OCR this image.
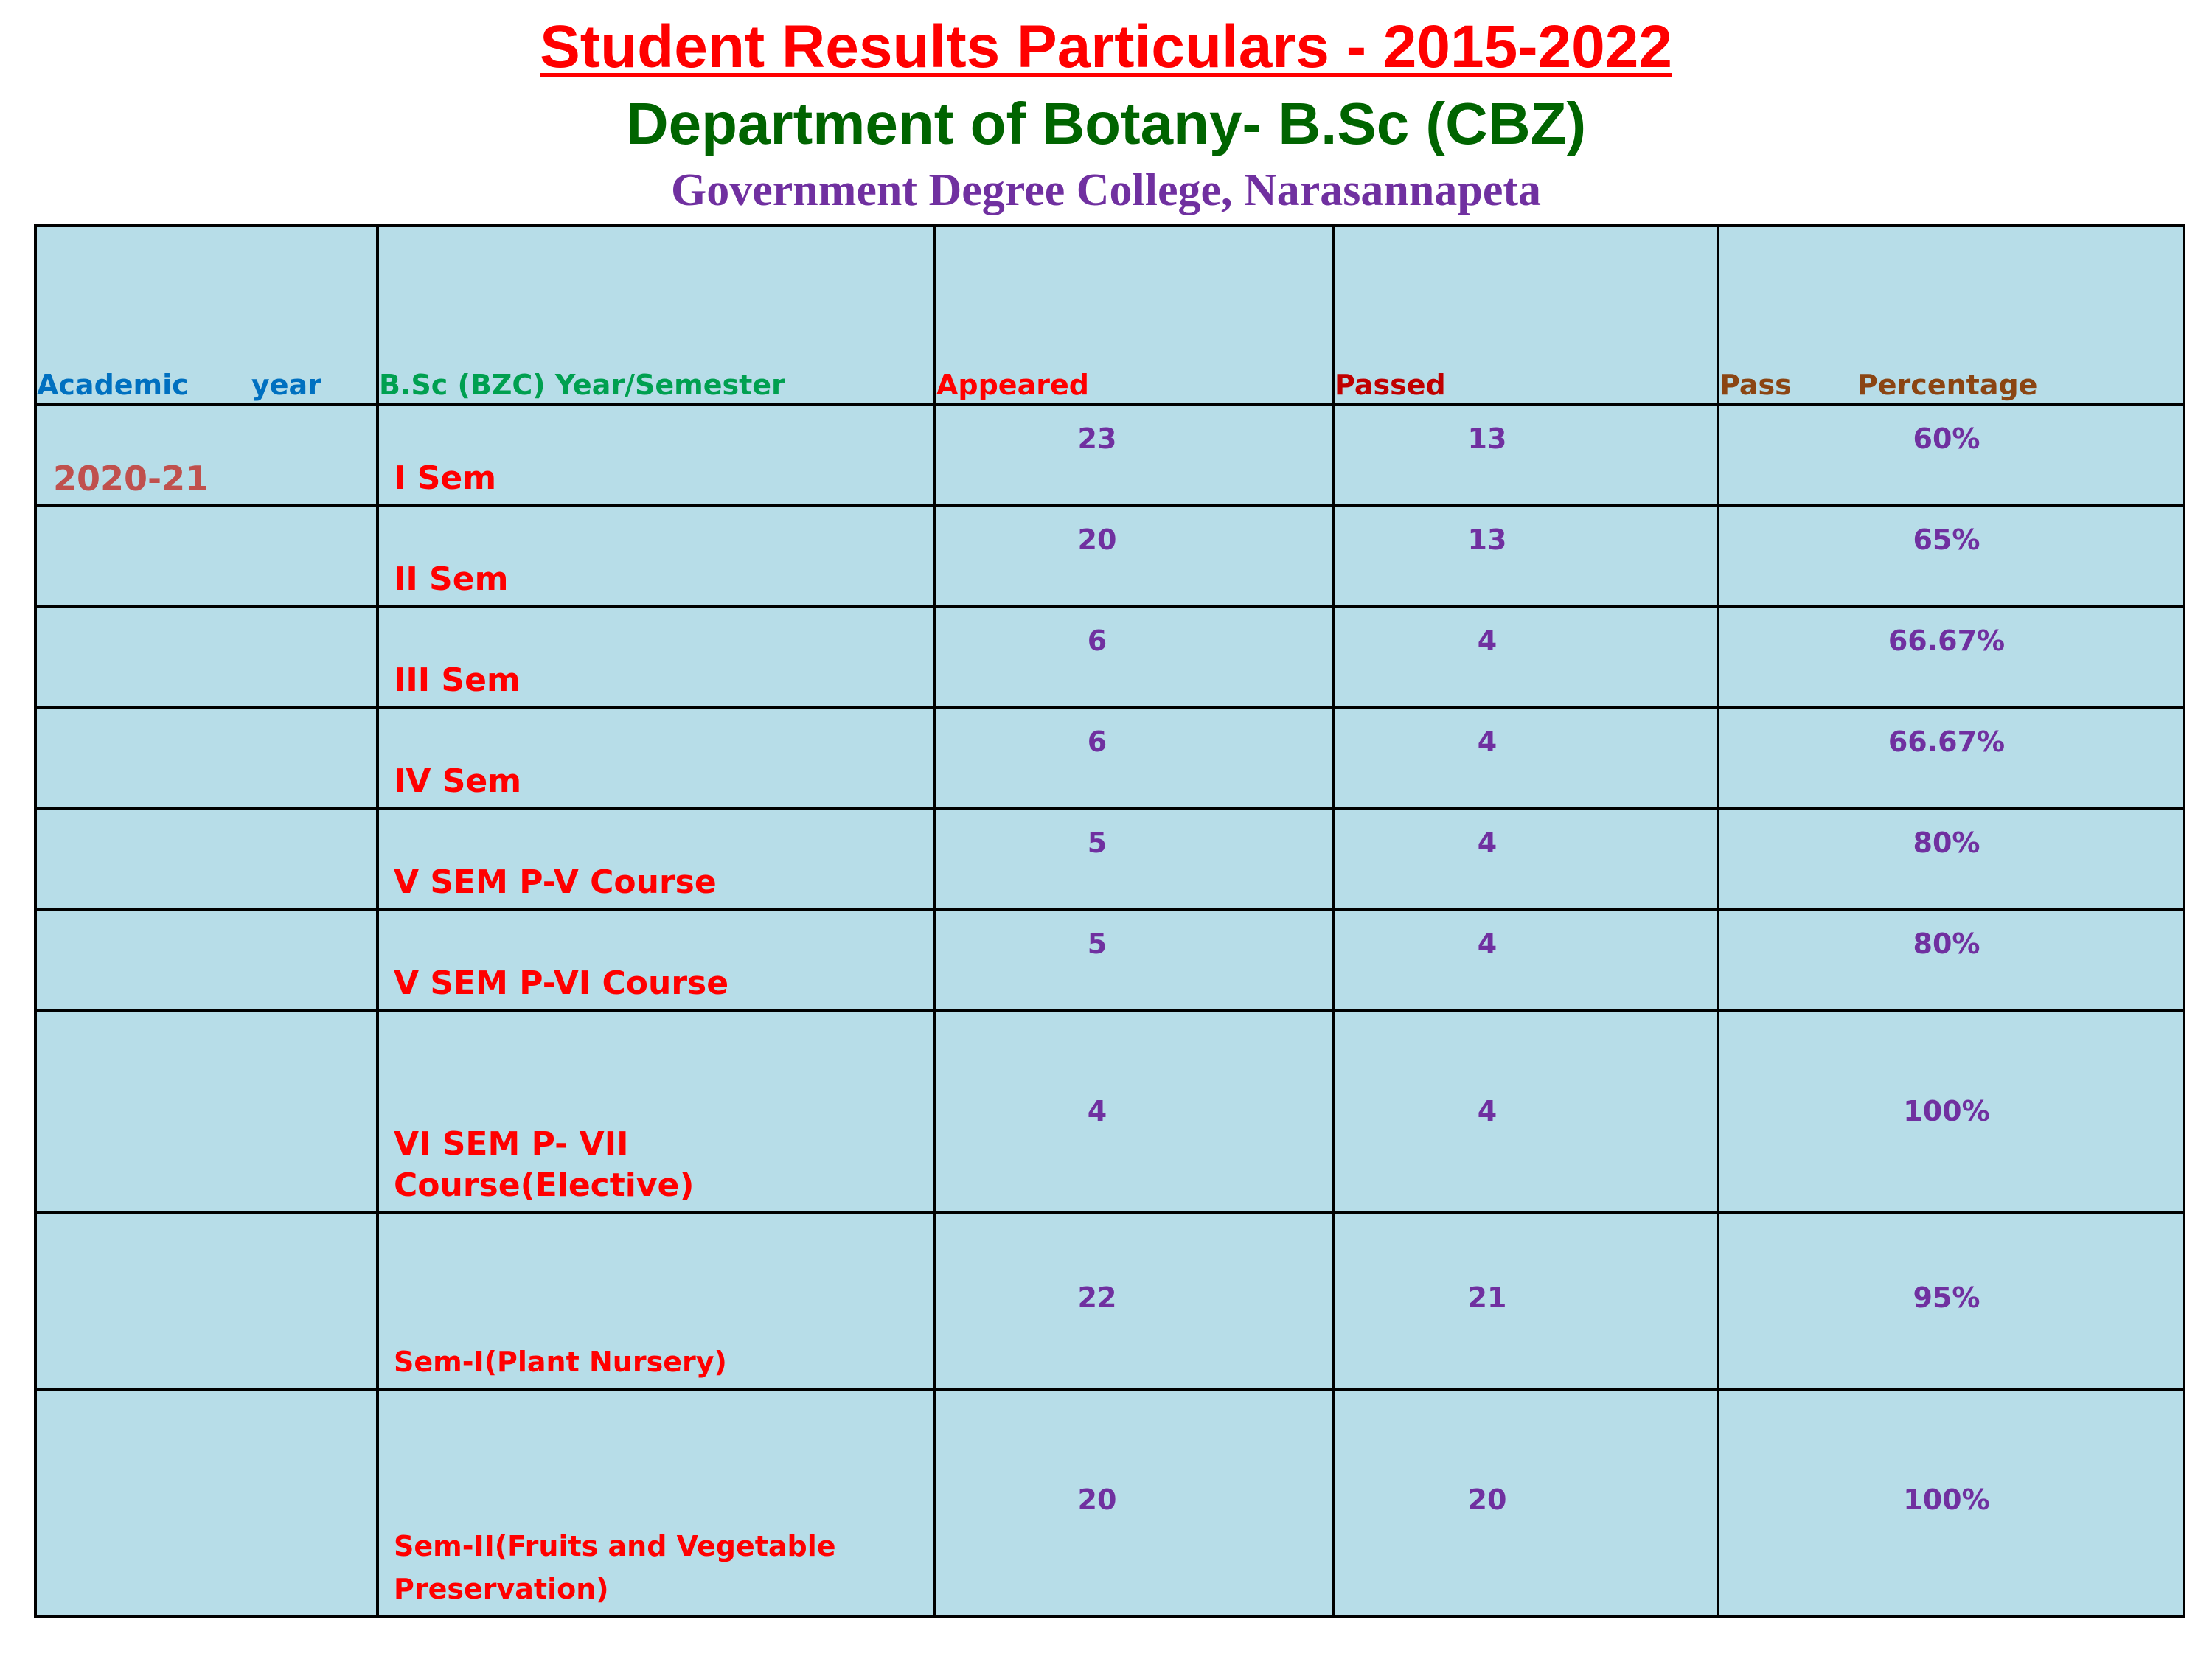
Student Results Particulars - 2015-2022
Department of Botany- B.Sc (CBZ)
Government Degree College, Narasannapeta
Academic year	B.Sc (BZC) Year/Semester	Appeared	Passed	Pass Percentage

2020-21	I Sem	23	13	60%

	II Sem	20	13	65%

	III Sem	6	4	66.67%

	IV Sem	6	4	66.67%

	V SEM P-V Course	5	4	80%

	V SEM P-VI Course	5	4	80%

	VI SEM P- VII Course(Elective)	4	4	100%

	Sem-I(Plant Nursery)	22	21	95%

	Sem-II(Fruits and Vegetable Preservation)	20	20	100%
